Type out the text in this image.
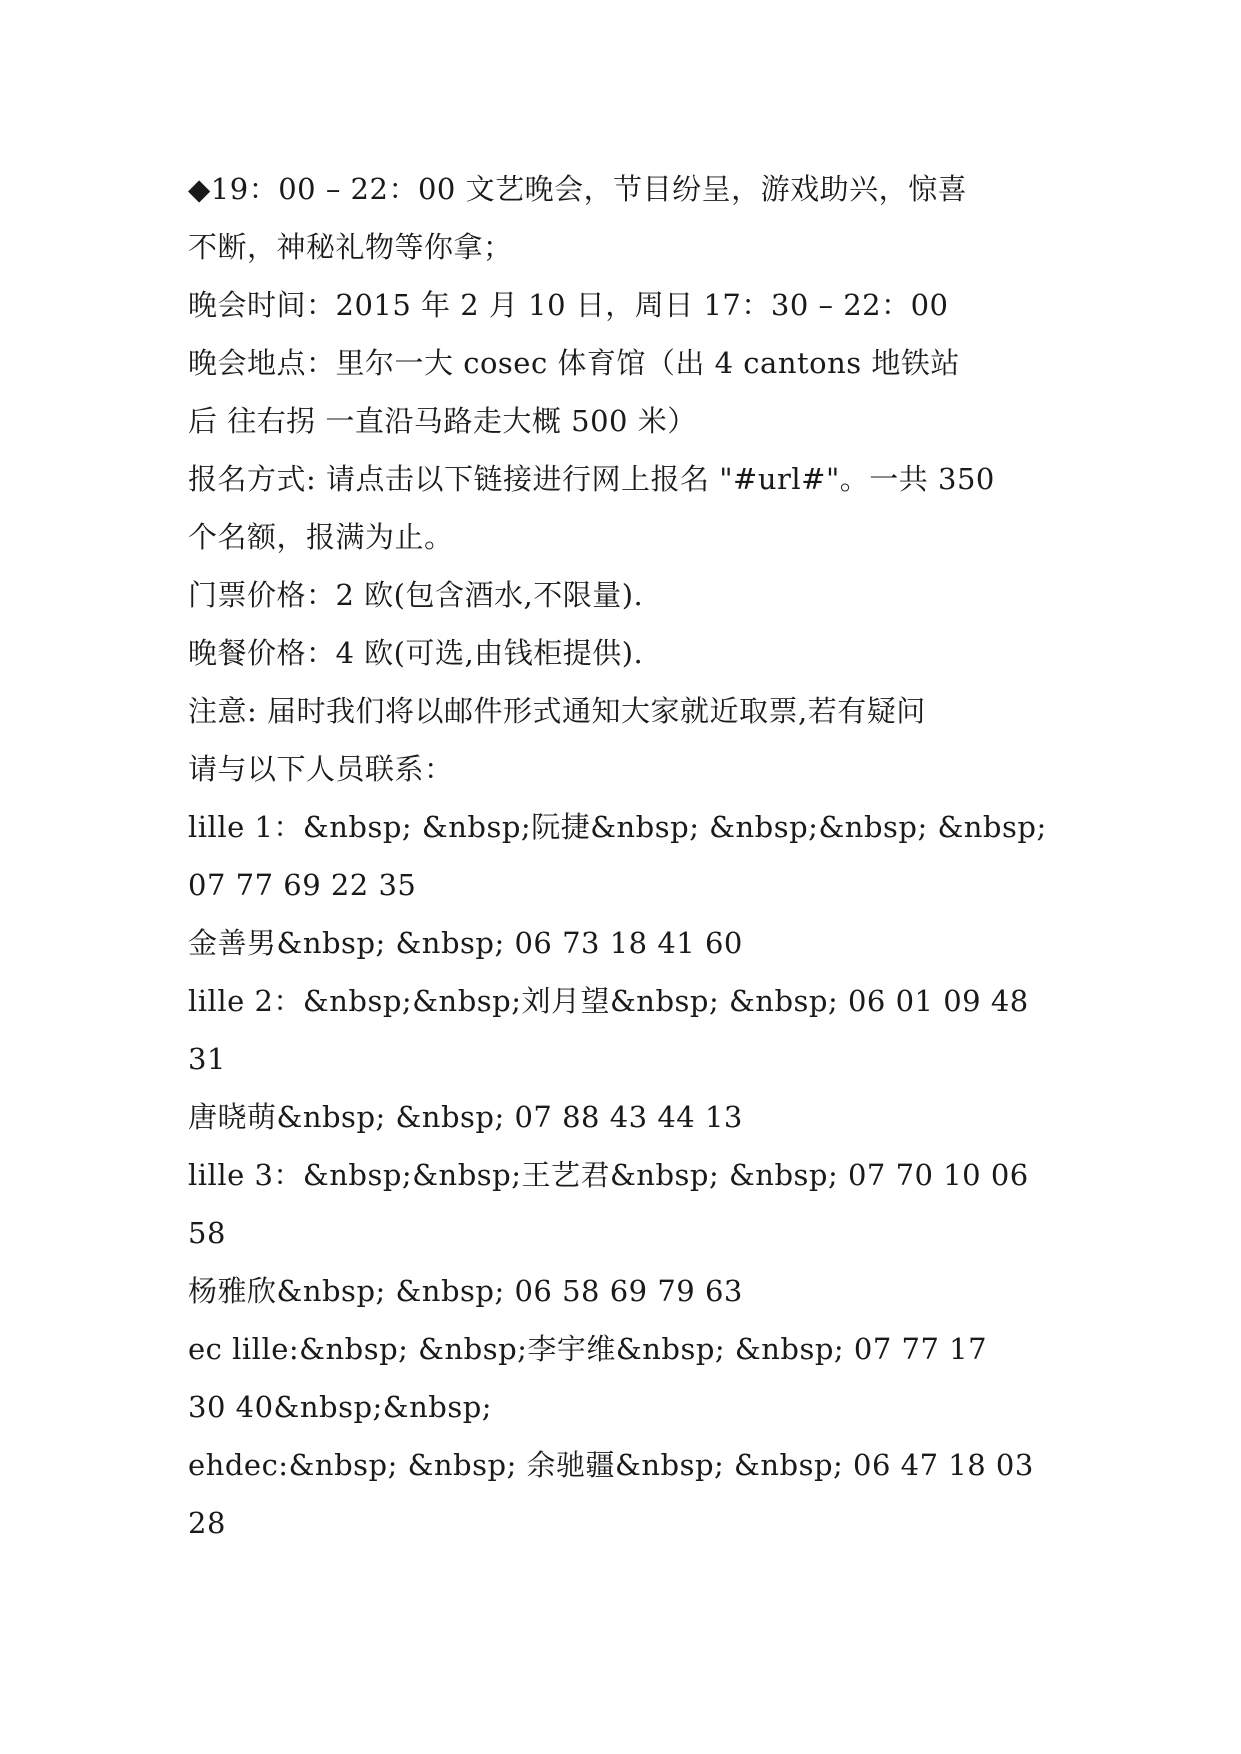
◆19：00 – 22：00 文艺晚会，节目纷呈，游戏助兴，惊喜
不断，神秘礼物等你拿；
晚会时间：2015 年 2 月 10 日，周日 17：30 – 22：00
晚会地点：里尔一大 cosec 体育馆（出 4 cantons 地铁站
后 往右拐 一直沿马路走大概 500 米）
报名方式: 请点击以下链接进行网上报名 "#url#"。一共 350
个名额，报满为止。
门票价格：2 欧(包含酒水,不限量).
晚餐价格：4 欧(可选,由钱柜提供).
注意: 届时我们将以邮件形式通知大家就近取票,若有疑问
请与以下人员联系：
lille 1：&nbsp; &nbsp;阮捷&nbsp; &nbsp;&nbsp; &nbsp;
07 77 69 22 35
金善男&nbsp; &nbsp; 06 73 18 41 60
lille 2：&nbsp;&nbsp;刘月望&nbsp; &nbsp; 06 01 09 48
31
唐晓萌&nbsp; &nbsp; 07 88 43 44 13
lille 3：&nbsp;&nbsp;王艺君&nbsp; &nbsp; 07 70 10 06
58
杨雅欣&nbsp; &nbsp; 06 58 69 79 63
ec lille:&nbsp; &nbsp;李宇维&nbsp; &nbsp; 07 77 17
30 40&nbsp;&nbsp;
ehdec:&nbsp; &nbsp; 余驰疆&nbsp; &nbsp; 06 47 18 03
28
